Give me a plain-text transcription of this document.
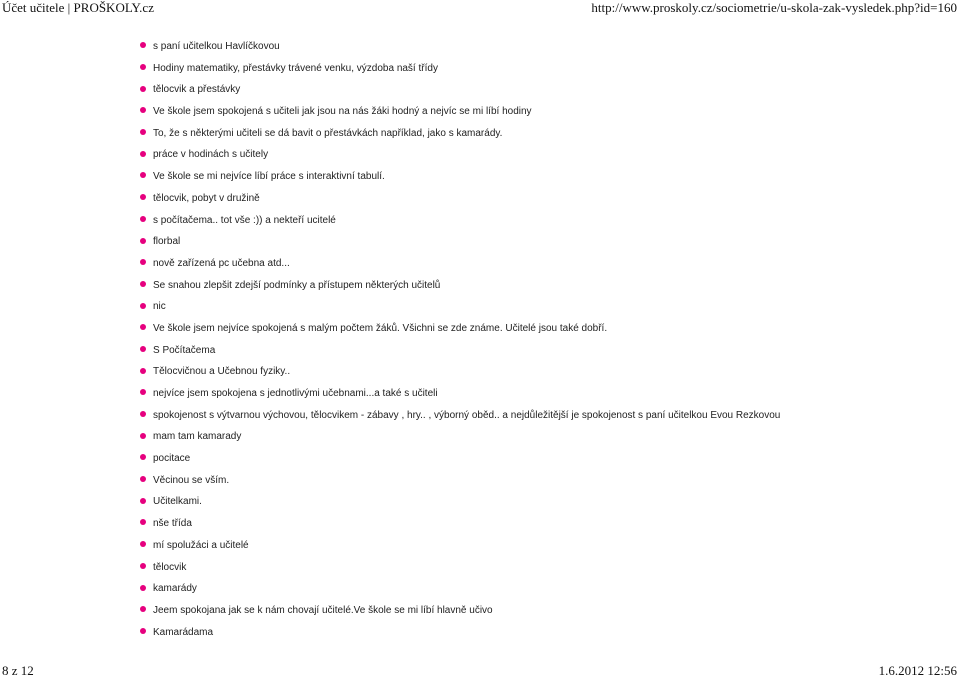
Účet učitele | PROŠKOLY.cz	http://www.proskoly.cz/sociometrie/u-skola-zak-vysledek.php?id=160
s paní učitelkou Havlíčkovou
Hodiny matematiky, přestávky trávené venku, výzdoba naší třídy
tělocvik a přestávky
Ve škole jsem spokojená s učiteli jak jsou na nás žáki hodný a nejvíc se mi líbí hodiny
To, že s některými učiteli se dá bavit o přestávkách například, jako s kamarády.
práce v hodinách s učitely
Ve škole se mi nejvíce líbí práce s interaktivní tabulí.
tělocvik, pobyt v družině
s počítačema.. tot vše :)) a nekteří ucitelé
florbal
nově zařízená pc učebna atd...
Se snahou zlepšit zdejší podmínky a přístupem některých učitelů
nic
Ve škole jsem nejvíce spokojená s malým počtem žáků. Všichni se zde známe. Učitelé jsou také dobří.
S Počítačema
Tělocvičnou a Učebnou fyziky..
nejvíce jsem spokojena s jednotlivými učebnami...a také s učiteli
spokojenost s výtvarnou výchovou, tělocvikem - zábavy , hry.. , výborný oběd.. a nejdůležitější je spokojenost s paní učitelkou Evou Rezkovou
mam tam kamarady
pocitace
Věcinou se vším.
Učitelkami.
nše třída
mí spolužáci a učitelé
tělocvik
kamarády
Jeem spokojana jak se k nám chovají učitelé.Ve škole se mi líbí hlavně učivo
Kamarádama
8 z 12	1.6.2012 12:56
